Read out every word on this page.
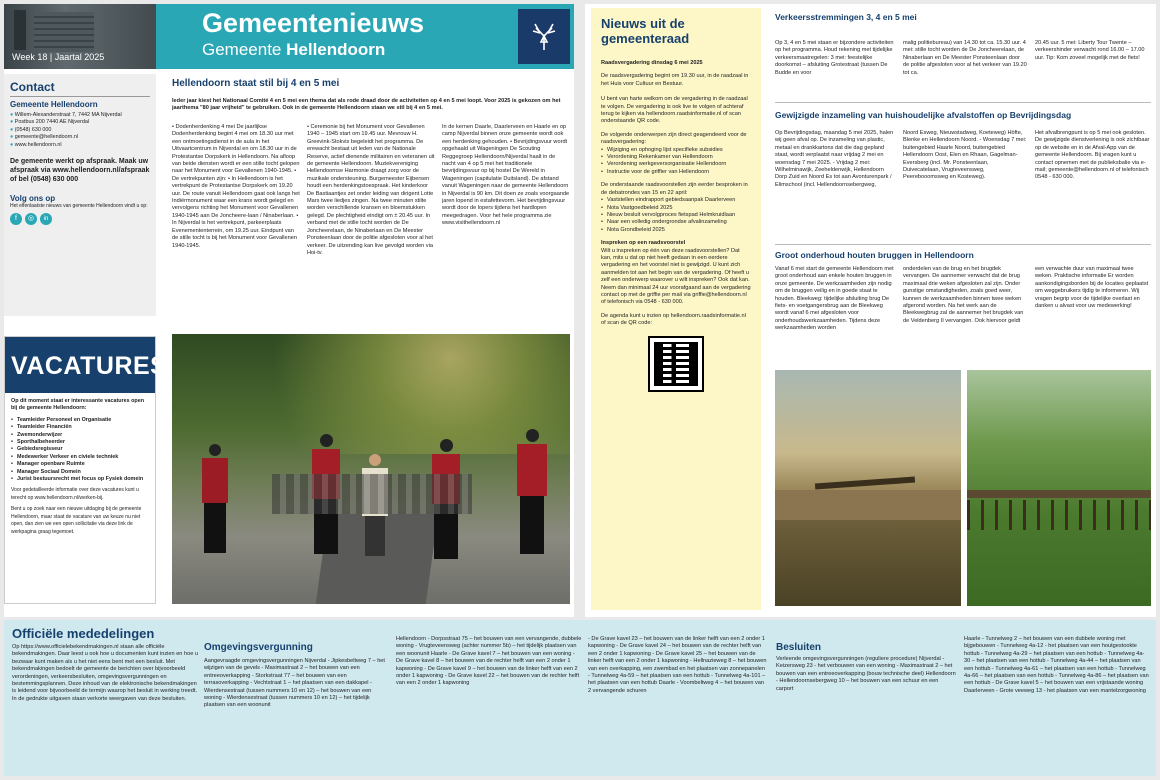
Week 18 | Jaartal 2025
Gemeentenieuws
Gemeente Hellendoorn
Contact
Gemeente Hellendoorn
● Willem-Alexanderstraat 7, 7442 MA Nijverdal
● Postbus 200 7440 AE Nijverdal
● (0548) 630 000
● gemeente@hellendoorn.nl
● www.hellendoorn.nl
De gemeente werkt op afspraak. Maak uw afspraak via www.hellendoorn.nl/afspraak of bel (0548) 630 000
Volg ons op
Het elfenlaatste nieuws van gemeente Hellendoorn vindt u op:
f	◎	in
VACATURES
Op dit moment staat er interessante vacatures open bij de gemeente Hellendoorn:
• Teamleider Personeel en Organisatie
• Teamleider Financiën
• Zwemonderwijzer
• Sporthalbeheerder
• Gebiedsregisseur
• Medewerker Verkeer en civiele techniek
• Manager openbare Ruimte
• Manager Sociaal Domein
• Jurist bestuursrecht met focus op Fysiek domein
Voor gedetailleerde informatie over deze vacatures kunt u terecht op www.hellendoorn.nl/werken-bij.
Bent u op zoek naar een nieuwe uitdaging bij de gemeente Hellendoorn, maar staat de vacature van uw keuze nu niet open, dan zien we een open sollicitatie via deze link de werkpagina graag tegemoet.
Hellendoorn staat stil bij 4 en 5 mei
Ieder jaar kiest het Nationaal Comité 4 en 5 mei een thema dat als rode draad door de activiteiten op 4 en 5 mei loopt. Voor 2025 is gekozen om het jaarthema "80 jaar vrijheid" te gebruiken. Ook in de gemeente Hellendoorn staan we stil bij 4 en 5 mei.
• Dodenherdenking 4 mei De jaarlijkse Dodenherdenking begint 4 mei om 18.30 uur met een ontmoetingsdienst in de aula in het Uitvaartcentrum in Nijverdal en om 18.30 uur in de Protestantse Dorpskerk in Hellendoorn. Na afloop van beide diensten wordt er een stille tocht gelopen naar het Monument voor Gevallenen 1940-1945. • De vertrekpunten zijn: • In Hellendoorn is het vertrekpunt de Protestantse Dorpskerk om 19.20 uur. De route vanuit Hellendoorn gaat ook langs het Indiërmonument waar een krans wordt gelegd en vervolgens richting het Monument voor Gevallenen 1940-1945 aan De Joncheere-laan / Ninaberlaan. • In Nijverdal is het vertrekpunt, parkeerplaats Evenemententerrein, om 19.25 uur. Eindpunt van de stille tocht is bij het Monument voor Gevallenen 1940-1945.
• Ceremonie bij het Monument voor Gevallenen 1940 – 1945 start om 19.45 uur. Mevrouw H. Greevink-Stokvis begeleidt het programma. De erewacht bestaat uit leden van de Nationale Reserve, actief dienende militairen en veteranen uit de gemeente Hellendoorn. Muziekvereniging Hellendoornse Harmonie draagt zorg voor de muzikale ondersteuning. Burgemeester Eijbersen houdt een herdenkingstoespraak. Het kinderkoor De Bastiaantjes zet onder leiding van dirigent Lotte Mars twee liedjes zingen. Na twee minuten stilte worden verschillende kransen en bloemstukken gelegd. De plechtigheid eindigt om ± 20.45 uur. In verband met de stille tocht worden de De Joncheerelaan, de Ninaberlaan en De Meester Ponsteenlaan door de politie afgesloten voor al het verkeer. De uitzending kan live gevolgd worden via Hoi-tv.
In de kernen Daarle, Daarlerveen en Haarle en op camp Nijverdal binnen onze gemeente wordt ook een herdenking gehouden. • Bevrijdingsvuur wordt opgehaald uit Wageningen De Scouting Reggegroep Hellendoorn/Nijverdal haalt in de nacht van 4 op 5 mei het traditionele bevrijdingsvuur op bij hostel De Wereld in Wageningen (capitulatie Duitsland). De afstand vanuit Wageningen naar de gemeente Hellendoorn in Nijverdal is 90 km. Dit doen ze zoals voorgaande jaren lopend in estafettevorm. Het bevrijdingsvuur wordt door de lopers tijdens het hardlopen meegedragen. Voor het hele programma zie www.visithellendoorn.nl
Nieuws uit de gemeenteraad
Raadsvergadering dinsdag 6 mei 2025
De raadsvergadering begint om 19.30 uur, in de raadzaal in het Huis voor Cultuur en Bestuur.
U bent van harte welkom om de vergadering in de raadzaal te volgen. De vergadering is ook live te volgen of achteraf terug te kijken via hellendoorn.raadsinformatie.nl of scan onderstaande QR code.
De volgende onderwerpen zijn direct geagendeerd voor de raadsvergadering:
• Wijziging en ophoging lijst specifieke subsidies
• Verordening Rekenkamer van Hellendoorn
• Verordening werkgeversorganisatie Hellendoorn
• Instructie voor de griffier van Hellendoorn
De onderstaande raadsvoorstellen zijn eerder besproken in de debatrondes van 15 en 22 april:
• Vaststellen eindrapport gebiedsaanpak Daarlerveen
• Nota Vastgoedbeleid 2025
• Nieuw besluit vervolgproces fietspad Helmkruidlaan
• Naar een volledig ondergrondse afvalinzameling
• Nota Grondbeleid 2025
Inspreken op een raadsvoorstel
Wilt u inspreken op één van deze raadsvoorstellen? Dat kan, mits u dat op niet heeft gedaan in een eerdere vergadering en het voorstel niet is gewijzigd. U kunt zich aanmelden tot aan het begin van de vergadering. Of heeft u zelf een onderwerp waarover u wilt inspreken? Ook dat kan. Neem dan minimaal 24 uur voorafgaand aan de vergadering contact op met de griffie per mail via griffie@hellendoorn.nl of telefonisch via 0548 - 630 000.
De agenda kunt u inzien op hellendoorn.raadsinformatie.nl of scan de QR code:
Verkeersstremmingen 3, 4 en 5 mei
Op 3, 4 en 5 mei staan er bijzondere activiteiten op het programma. Houd rekening met tijdelijke verkeersmaatregelen: 3 mei: feestelijke doorkomst – afsluiting Grotestraat (tussen De Budde en voor
malig politiebureau) van 14.30 tot ca. 15.30 uur. 4 mei: stille tocht worden de De Joncheerelaan, de Ninaberlaan en De Meester Ponsteenlaan door de politie afgesloten voor al het verkeer van 19.20 tot ca.
20.45 uur. 5 mei: Liberty Tour Twente – verkeershinder verwacht rond 16.00 – 17.00 uur. Tip: Kom zoveel mogelijk met de fiets!
Gewijzigde inzameling van huishoudelijke afvalstoffen op Bevrijdingsdag
Op Bevrijdingsdag, maandag 5 mei 2025, halen wij geen afval op. De inzameling van plastic, metaal en drankkartons dat die dag gepland staat, wordt verplaatst naar vrijdag 2 mei en woensdag 7 mei 2025. - Vrijdag 2 mei: Wilhelminawijk, Zeeheldenwijk, Hellendoorn Dorp Zuid en Noord Es tot aan Avonturenpark / Elimschool (incl. Hellendoornsebergweg,
Noord Esweg, Nieuwstadweg, Koeteweg) Höfte, Blenke en Hellendoorn Noord. - Woensdag 7 mei: buitengebied Haarle Noord, buitengebied Hellendoorn Oost, Elen en Rhaan, Gagelman-Eversberg (incl. Mr. Ponsteenlaan, Duivecatelaan, Vrugteveensweg, Peerebooomsweg en Kosteweg).
Het afvalbrengpunt is op 5 mei ook gesloten. De gewijzigde dienstverlening is ook zichtbaar op de website en in de Afval-App van de gemeente Hellendoorn. Bij vragen kunt u contact opnemen met de publieksbalie via e-mail; gemeente@hellendoorn.nl of telefonisch 0548 - 630 000.
Groot onderhoud houten bruggen in Hellendoorn
Vanaf 6 mei start de gemeente Hellendoorn met groot onderhoud aan enkele houten bruggen in onze gemeente. De werkzaamheden zijn nodig om de bruggen veilig en in goede staat te houden. Bleekweg: tijdelijke afsluiting brug De fiets- en voetgangersbrug aan de Bleekweg wordt vanaf 6 mei afgesloten voor onderhoudswerkzaamheden. Tijdens deze werkzaamheden worden
onderdelen van de brug en het brugdek vervangen. De aannemer verwacht dat de brug maximaal drie weken afgesloten zal zijn. Onder gunstige omstandigheden, zoals goed weer, kunnen de werkzaamheden binnen twee weken afgerond worden. Na het werk aan de Bleekwegbrug zal de aannemer het brugdek van de Veldenberg II vervangen. Ook hiervoor geldt
een verwachte duur van maximaal twee weken. Praktische informatie Er worden aankondigingsborden bij de locaties geplaatst om weggebruikers tijdig te informeren. Wij vragen begrip voor de tijdelijke overlast en danken u alvast voor uw medewerking!
Officiële mededelingen
Op https://www.officielebekendmakingen.nl staan alle officiële bekendmakingen. Daar leest u ook hoe u documenten kunt inzien en hoe u bezwaar kunt maken als u het niet eens bent met een besluit. Met bekendmakingen bedoelt de gemeente de berichten over bijvoorbeeld verordeningen, verkeersbesluiten, omgevingsvergunningen en bestemmingsplannen. Deze inhoud van de elektronische bekendmakingen is leidend voor bijvoorbeeld de termijn waarop het besluit in werking treedt. In de gedrukte uitgaven staan verkorte weergaven van deze besluiten.
Omgevingsvergunning
Aangevraagde omgevingsvergunningen Nijverdal - Jipkesbeltweg 7 – het wijzigen van de gevels - Maximastraat 2 – het bouwen van een entreeoverkapping - Storkstraat 77 – het bouwen van een terrasoverkapping - Vechtstraat 1 – het plaatsen van een dakkapel - Wierdensestraat (tussen nummers 10 en 12) – het bouwen van een woning - Wierdensestraat (tussen nummers 10 en 12) – het tijdelijk plaatsen van een woonunit
Hellendoorn - Dorpsstraat 75 – het bouwen van een vervangende, dubbele woning - Vrugteveensweg (achter nummer 5b) – het tijdelijk plaatsen van een woonunit Haarle - De Grave kavel 7 – het bouwen van een woning - De Grave kavel 8 – het bouwen van de rechter helft van een 2 onder 1 kapwoning - De Grave kavel 9 – het bouwen van de linker helft van een 2 onder 1 kapwoning - De Grave kavel 22 – het bouwen van de rechter helft van een 2 onder 1 kapwoning
- De Grave kavel 23 – het bouwen van de linker helft van een 2 onder 1 kapwoning - De Grave kavel 24 – het bouwen van de rechter helft van een 2 onder 1 kapwoning - De Grave kavel 25 – het bouwen van de linker helft van een 2 onder 1 kapwoning - Hellnazieweg 8 – het bouwen van een overkapping, een zwembad en het plaatsen van zonnepanelen - Tunnelweg 4a-59 – het plaatsen van een hottub - Tunnelweg 4a-101 – het plaatsen van een hottub Daarle - Voombeltweg 4 – het bouwen van 2 vervangende schuren
Besluiten
Verleende omgevingsvergunningen (reguliere procedure) Nijverdal - Keizersweg 23 - het verbouwen van een woning - Maximastraat 2 – het bouwen van een entreeoverkapping (bouw technische deel) Hellendoorn - Hellendoornsebergweg 10 – het bouwen van een schuur en een carport
Haarle - Tunnelweg 2 – het bouwen van een dubbele woning met bijgebouwen - Tunnelweg 4a-12 - het plaatsen van een houtgestookte hottub - Tunnelweg 4a-29 – het plaatsen van een hottub - Tunnelweg 4a-30 – het plaatsen van een hottub - Tunnelweg 4a-44 – het plaatsen van een hottub - Tunnelweg 4a-61 – het plaatsen van een hottub - Tunnelweg 4a-66 – het plaatsen van een hottub - Tunnelweg 4a-86 – het plaatsen van een hottub - De Grave kavel 5 – het bouwen van een vrijstaande woning Daarlerveen - Grote veeweg 13 - het plaatsen van een mantelzorgwoning
